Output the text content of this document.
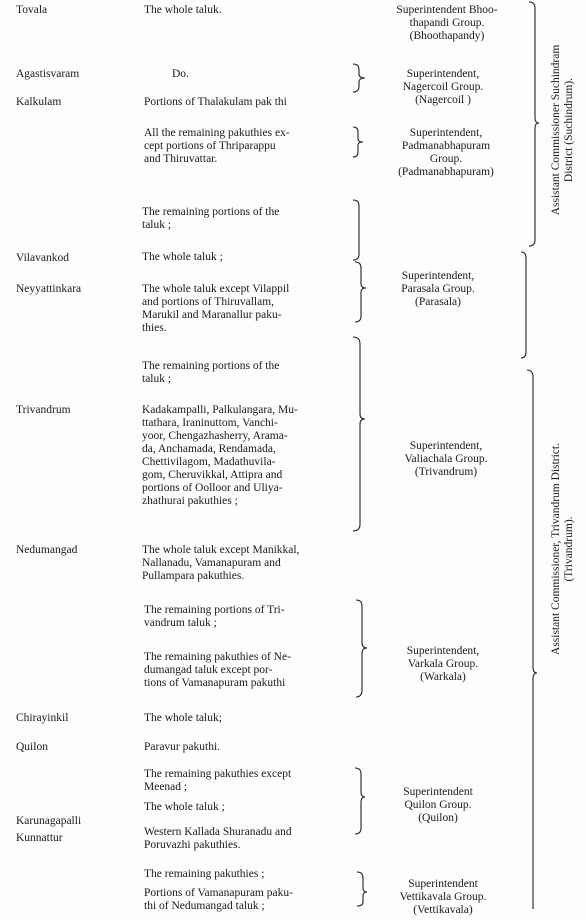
Tovala
Agastisvaram
Kalkulam
Vilavankod
Neyyattinkara
Trivandrum
Nedumangad
Chirayinkil
Quilon
Karunagapalli
Kunnattur
The whole taluk.
Do.
Portions of Thalakulam pak thi
All the remaining pakuthies ex-
cept portions of Thriparappu
and Thiruvattar.
The remaining portions of the
taluk ;
The whole taluk ;
The whole taluk except Vilappil
and portions of Thiruvallam,
Marukil and Maranallur paku-
thies.
The remaining portions of the
taluk ;
Kadakampalli, Palkulangara, Mu-
ttathara, Iraninuttom, Vanchi-
yoor, Chengazhasherry, Arama-
da, Anchamada, Rendamada,
Chettivilagom, Madathuvila-
gom, Cheruvikkal, Attipra and
portions of Oolloor and Uliya-
zhathurai pakuthies ;
The whole taluk except Manikkal,
Nallanadu, Vamanapuram and
Pullampara pakuthies.
The remaining portions of Tri-
vandrum taluk ;
The remaining pakuthies of Ne-
dumangad taluk except por-
tions of Vamanapuram pakuthi
The whole taluk;
Paravur pakuthi.
The remaining pakuthies except
Meenad ;
The whole taluk ;
Western Kallada Shuranadu and
Poruvazhi pakuthies.
The remaining pakuthies ;
Portions of Vamanapuram paku-
thi of Nedumangad taluk ;
Superintendent Bhoo-
thapandi Group.
(Bhoothapandy)
Superintendent,
Nagercoil Group.
(Nagercoil )
Superintendent,
Padmanabhapuram
Group.
(Padmanabhapuram)
Superintendent,
Parasala Group.
(Parasala)
Superintendent,
Valiachala Group.
(Trivandrum)
Superintendent,
Varkala Group.
(Warkala)
Superintendent
Quilon Group.
(Quilon)
Superintendent
Vettikavala Group.
(Vettikavala)
Assistant Commissioner Suchindram
District (Suchindrum).
Assistant Commissioner, Trivandrum District.
(Trivandrum).
